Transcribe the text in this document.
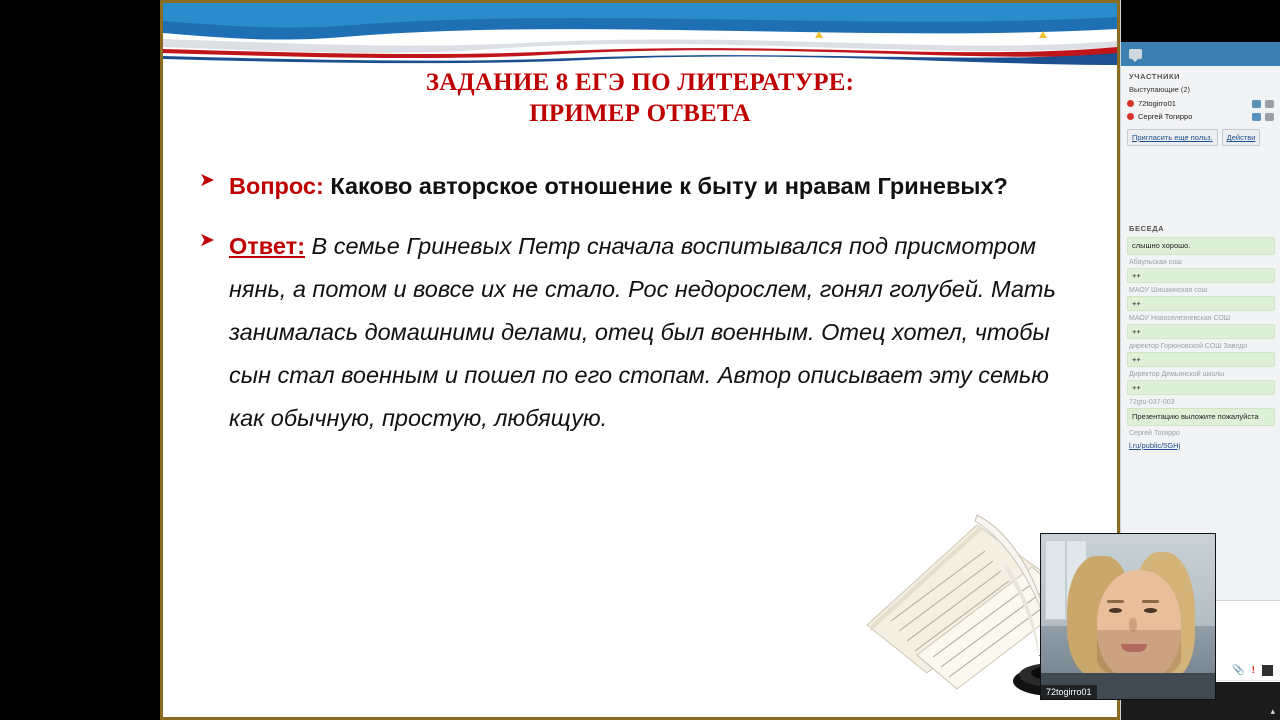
ЗАДАНИЕ 8 ЕГЭ ПО ЛИТЕРАТУРЕ:
ПРИМЕР ОТВЕТА
➤ Вопрос: Каково авторское отношение к быту и нравам Гриневых?
➤ Ответ: В семье Гриневых Петр сначала воспитывался под присмотром нянь, а потом и вовсе их не стало. Рос недорослем, гонял голубей. Мать занималась домашними делами, отец был военным. Отец хотел, чтобы сын стал военным и пошел по его стопам. Автор описывает эту семью как обычную, простую, любящую.
УЧАСТНИКИ
Выступающие (2)
72togirro01
Сергей Тогирро
Пригласить еще польз.	Действи
БЕСЕДА
слышно хорошо.
Абаульская сош
++
МАОУ Шишкинская сош
++
МАОУ Новоселезневская СОШ
++
директор Горюновской СОШ Заводо
++
Директор Демьянской школы
++
72gtu-037-003
Презентацию выложите пожалуйста
Сергей Тогирро
l.ru/public/5GHj
📎 !
▴
72togirro01
